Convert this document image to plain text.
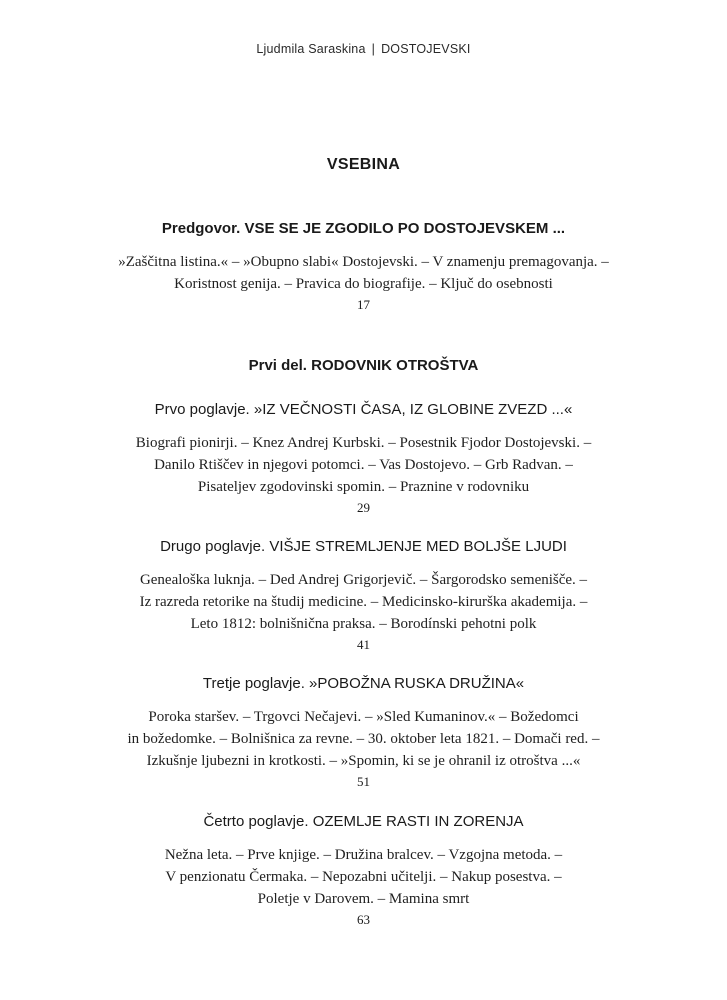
Ljudmila Saraskina | DOSTOJEVSKI
VSEBINA

Predgovor. VSE SE JE ZGODILO PO DOSTOJEVSKEM ...

»Zaščitna listina.« – »Obupno slabi« Dostojevski. – V znamenju premagovanja. –
Koristnost genija. – Pravica do biografije. – Ključ do osebnosti
17

Prvi del. RODOVNIK OTROŠTVA

Prvo poglavje. »IZ VEČNOSTI ČASA, IZ GLOBINE ZVEZD ...«

Biografi pionirji. – Knez Andrej Kurbski. – Posestnik Fjodor Dostojevski. –
Danilo Rtiščev in njegovi potomci. – Vas Dostojevo. – Grb Radvan. –
Pisateljev zgodovinski spomin. – Praznine v rodovniku
29

Drugo poglavje. VIŠJE STREMLJENJE MED BOLJŠE LJUDI

Genealoška luknja. – Ded Andrej Grigorjevič. – Šargorodsko semenišče. –
Iz razreda retorike na študij medicine. – Medicinsko-kirurška akademija. –
Leto 1812: bolnišnična praksa. – Borodínski pehotni polk
41

Tretje poglavje. »POBOŽNA RUSKA DRUŽINA«

Poroka staršev. – Trgovci Nečajevi. – »Sled Kumaninov.« – Božedomci
in božedomke. – Bolnišnica za revne. – 30. oktober leta 1821. – Domači red. –
Izkušnje ljubezni in krotkosti. – »Spomin, ki se je ohranil iz otroštva ...«
51

Četrto poglavje. OZEMLJE RASTI IN ZORENJA

Nežna leta. – Prve knjige. – Družina bralcev. – Vzgojna metoda. –
V penzionatu Čermaka. – Nepozabni učitelji. – Nakup posestva. –
Poletje v Darovem. – Mamina smrt
63
